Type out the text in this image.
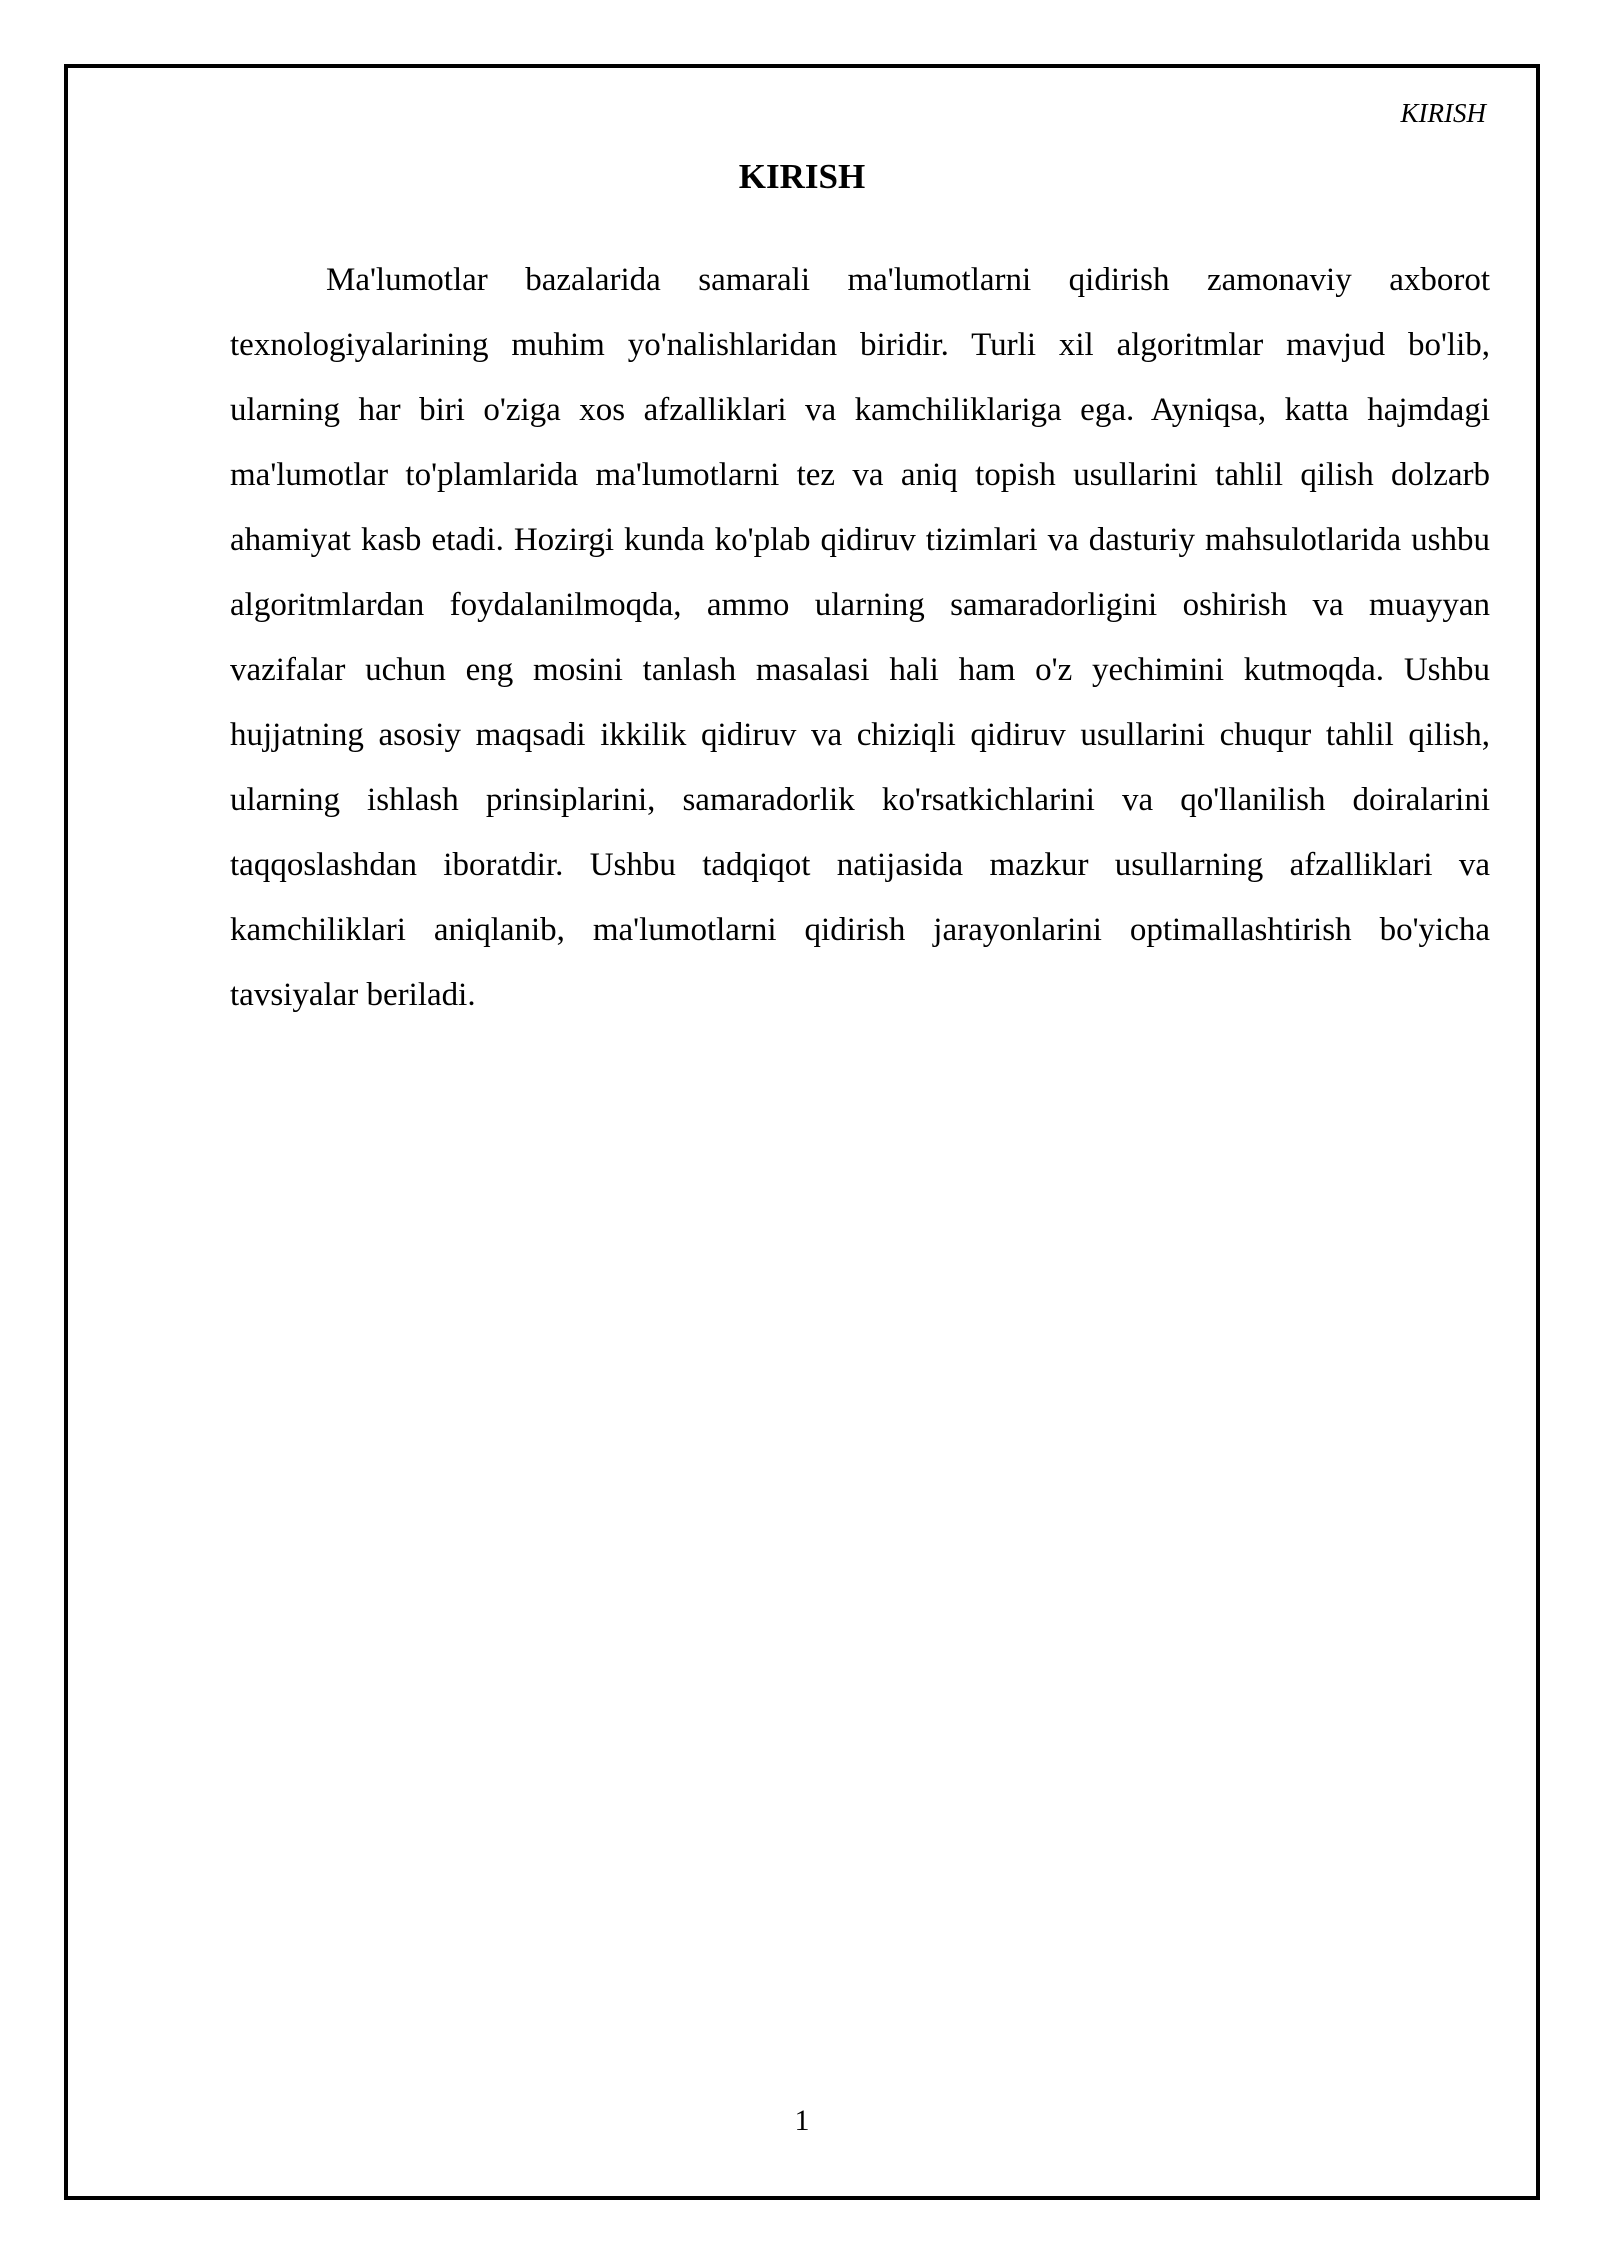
KIRISH
KIRISH

Ma'lumotlar bazalarida samarali ma'lumotlarni qidirish zamonaviy axborot texnologiyalarining muhim yo'nalishlaridan biridir. Turli xil algoritmlar mavjud bo'lib, ularning har biri o'ziga xos afzalliklari va kamchiliklariga ega. Ayniqsa, katta hajmdagi ma'lumotlar to'plamlarida ma'lumotlarni tez va aniq topish usullarini tahlil qilish dolzarb ahamiyat kasb etadi. Hozirgi kunda ko'plab qidiruv tizimlari va dasturiy mahsulotlarida ushbu algoritmlardan foydalanilmoqda, ammo ularning samaradorligini oshirish va muayyan vazifalar uchun eng mosini tanlash masalasi hali ham o'z yechimini kutmoqda. Ushbu hujjatning asosiy maqsadi ikkilik qidiruv va chiziqli qidiruv usullarini chuqur tahlil qilish, ularning ishlash prinsiplarini, samaradorlik ko'rsatkichlarini va qo'llanilish doiralarini taqqoslashdan iboratdir. Ushbu tadqiqot natijasida mazkur usullarning afzalliklari va kamchiliklari aniqlanib, ma'lumotlarni qidirish jarayonlarini optimallashtirish bo'yicha tavsiyalar beriladi.

1
